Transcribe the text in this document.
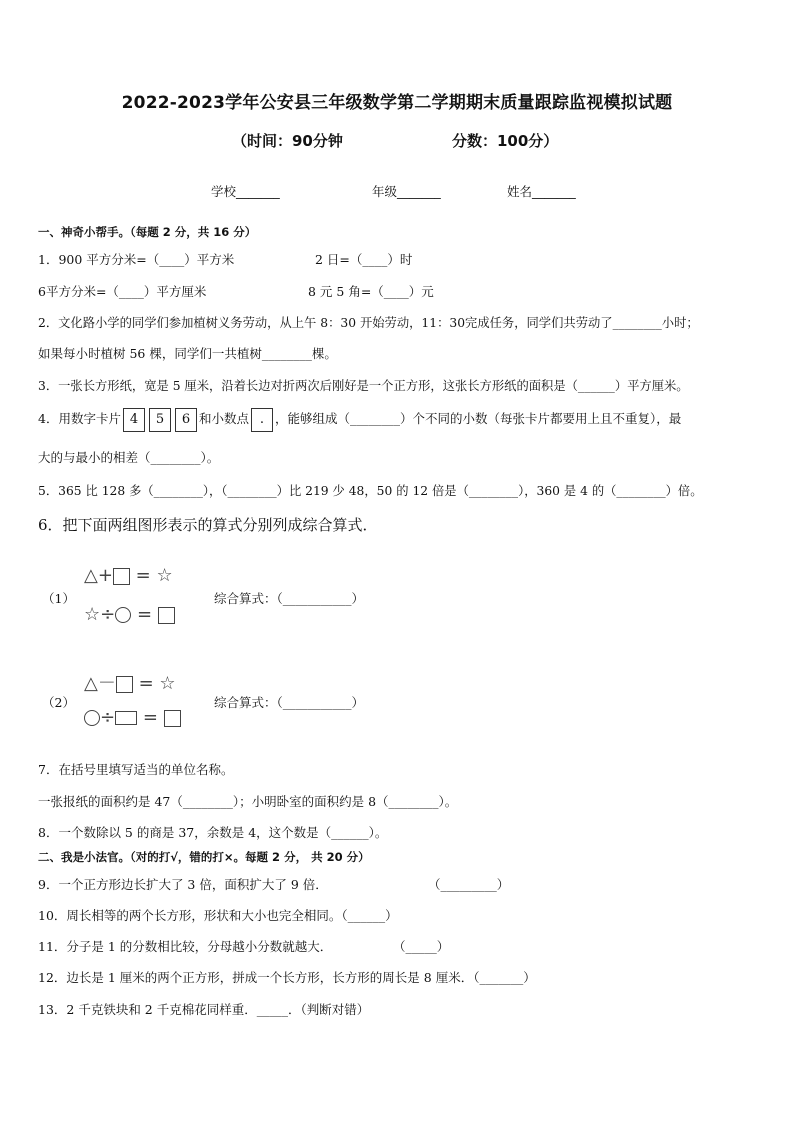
2022-2023学年公安县三年级数学第二学期期末质量跟踪监视模拟试题
（时间：90分钟	分数：100分）
学校_______	年级_______	姓名_______
一、神奇小帮手。（每题 2 分，共 16 分）
1．900 平方分米=（____）平方米	2 日=（____）时
6平方分米=（____）平方厘米	8 元 5 角=（____）元
2．文化路小学的同学们参加植树义务劳动，从上午 8：30 开始劳动，11：30完成任务，同学们共劳动了________小时；
如果每小时植树 56 棵，同学们一共植树________棵。
3．一张长方形纸，宽是 5 厘米，沿着长边对折两次后刚好是一个正方形，这张长方形纸的面积是（______）平方厘米。
4．用数字卡片 4 5 6 和小数点 . ，能够组成（________）个不同的小数（每张卡片都要用上且不重复），最
大的与最小的相差（________）。
5．365 比 128 多（________），（________）比 219 少 48，50 的 12 倍是（________），360 是 4 的（________）倍。
6．把下面两组图形表示的算式分别列成综合算式．
（1）
△+ = ☆
☆÷ =
综合算式：（___________）
（2）
△－ = ☆
÷ =
综合算式：（___________）
7．在括号里填写适当的单位名称。
一张报纸的面积约是 47（________）；小明卧室的面积约是 8（________）。
8．一个数除以 5 的商是 37，余数是 4，这个数是（______）。
二、我是小法官。（对的打√，错的打×。每题 2 分， 共 20 分）
9．一个正方形边长扩大了 3 倍，面积扩大了 9 倍．	（_________）
10．周长相等的两个长方形，形状和大小也完全相同。（______）
11．分子是 1 的分数相比较，分母越小分数就越大．	（_____）
12．边长是 1 厘米的两个正方形，拼成一个长方形，长方形的周长是 8 厘米．（_______）
13．2 千克铁块和 2 千克棉花同样重．_____．（判断对错）
